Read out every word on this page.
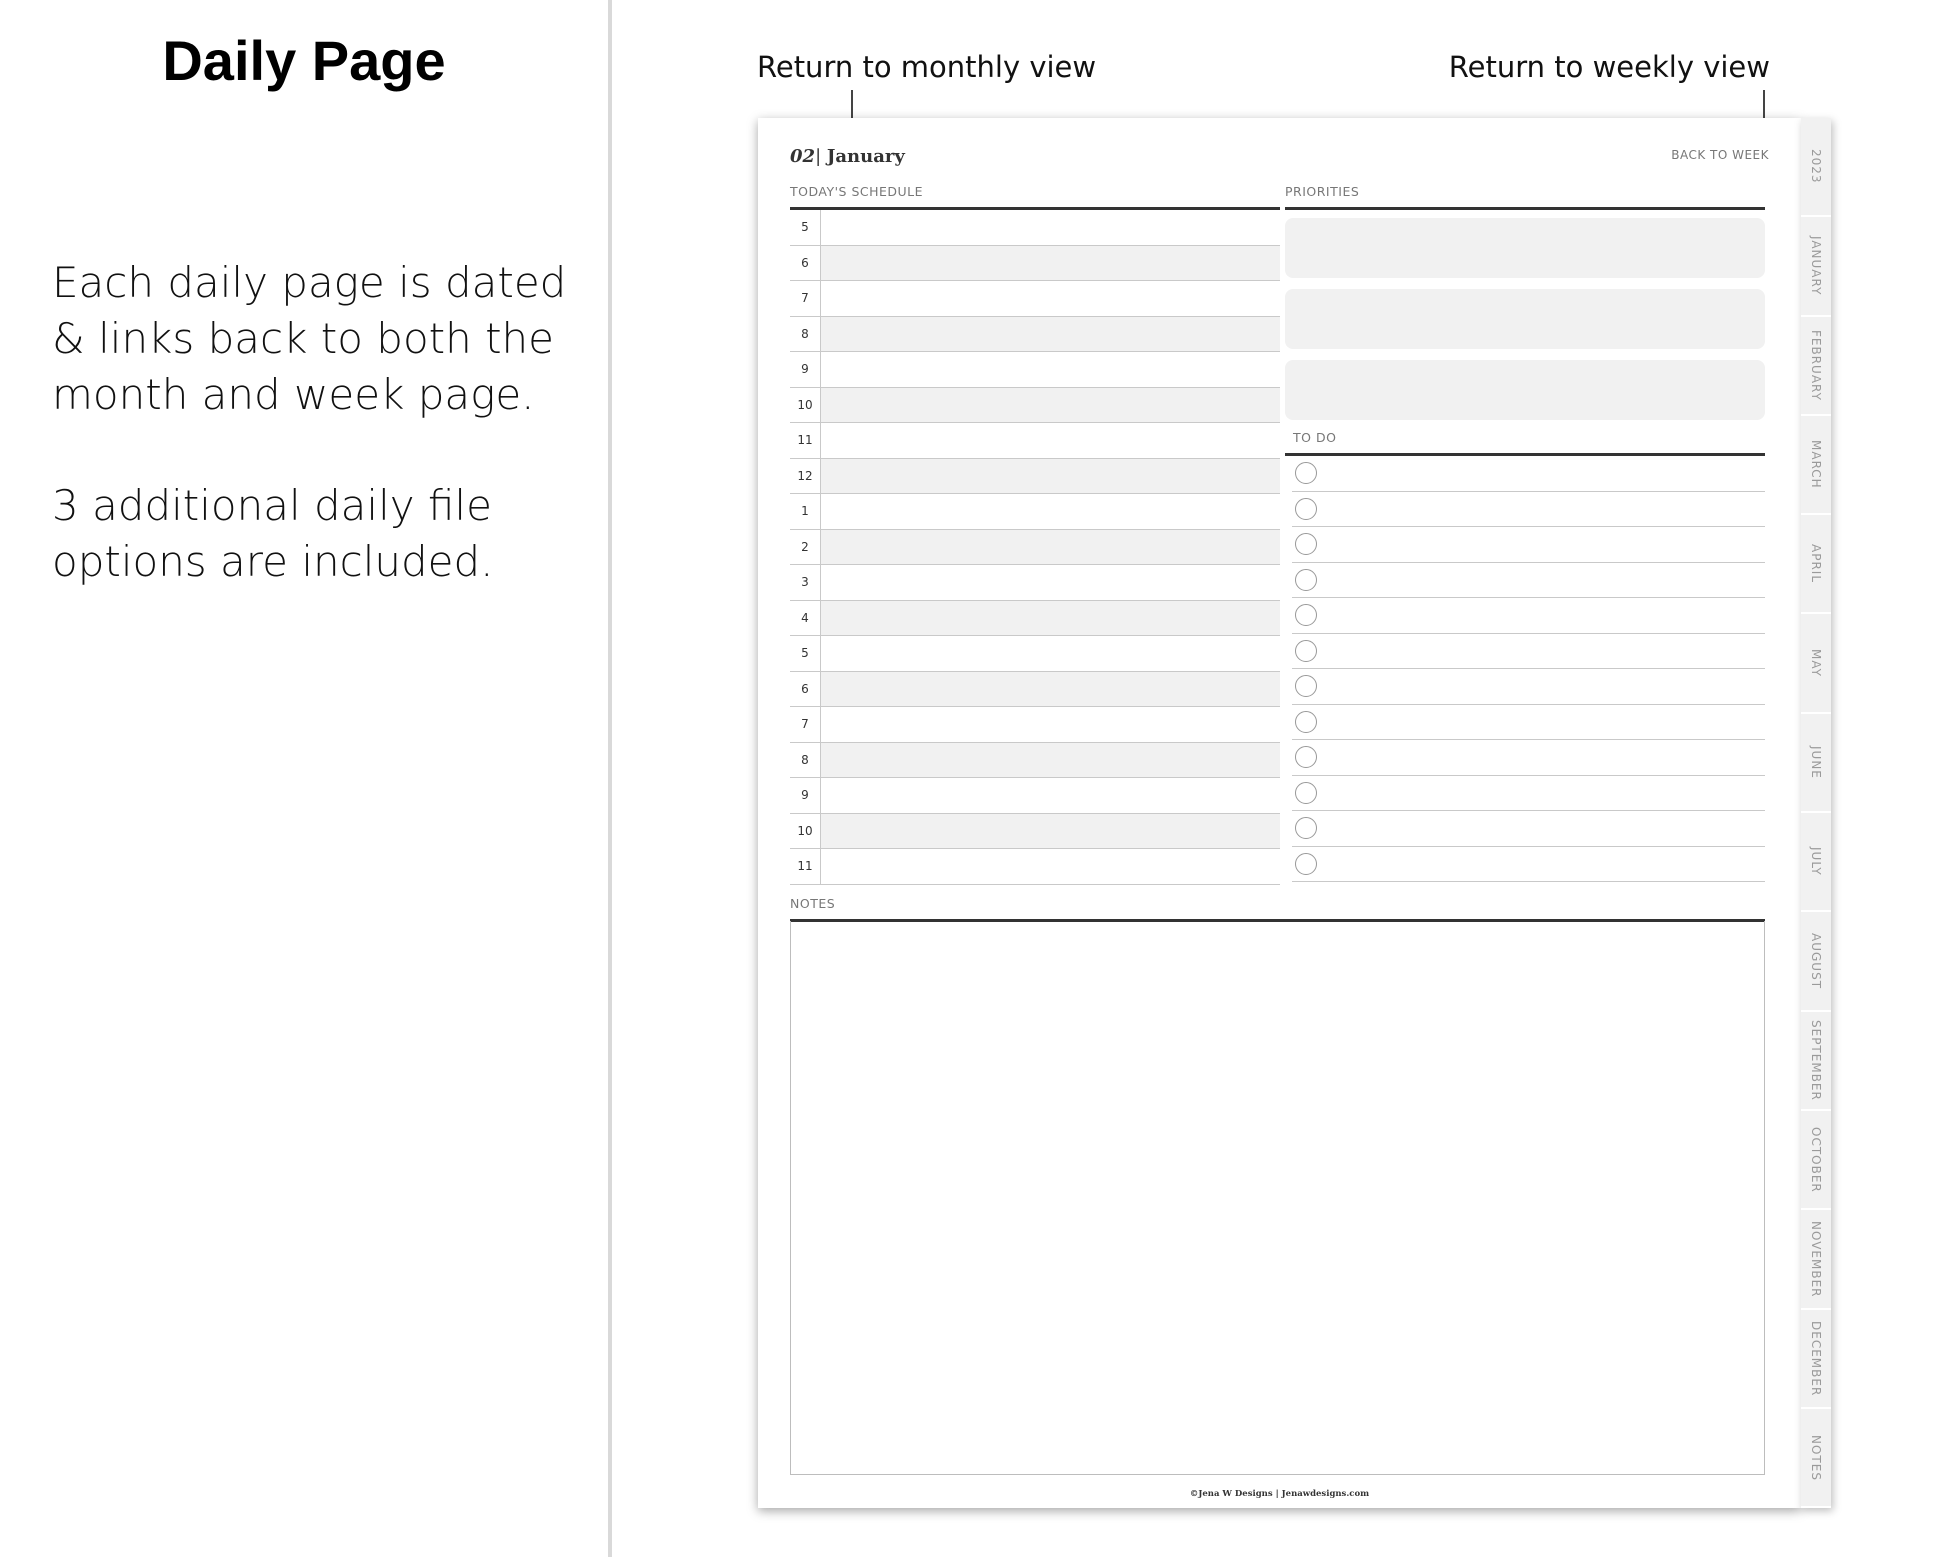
Daily Page
Each daily page is dated & links back to both the month and week page.
3 additional daily file options are included.
Return to monthly view	Return to weekly view
02| January	BACK TO WEEK
TODAY'S SCHEDULE
5
6
7
8
9
10
11
12
1
2
3
4
5
6
7
8
9
10
11
PRIORITIES
TO DO
NOTES
©Jena W Designs | Jenawdesigns.com
2023
JANUARY
FEBRUARY
MARCH
APRIL
MAY
JUNE
JULY
AUGUST
SEPTEMBER
OCTOBER
NOVEMBER
DECEMBER
NOTES
